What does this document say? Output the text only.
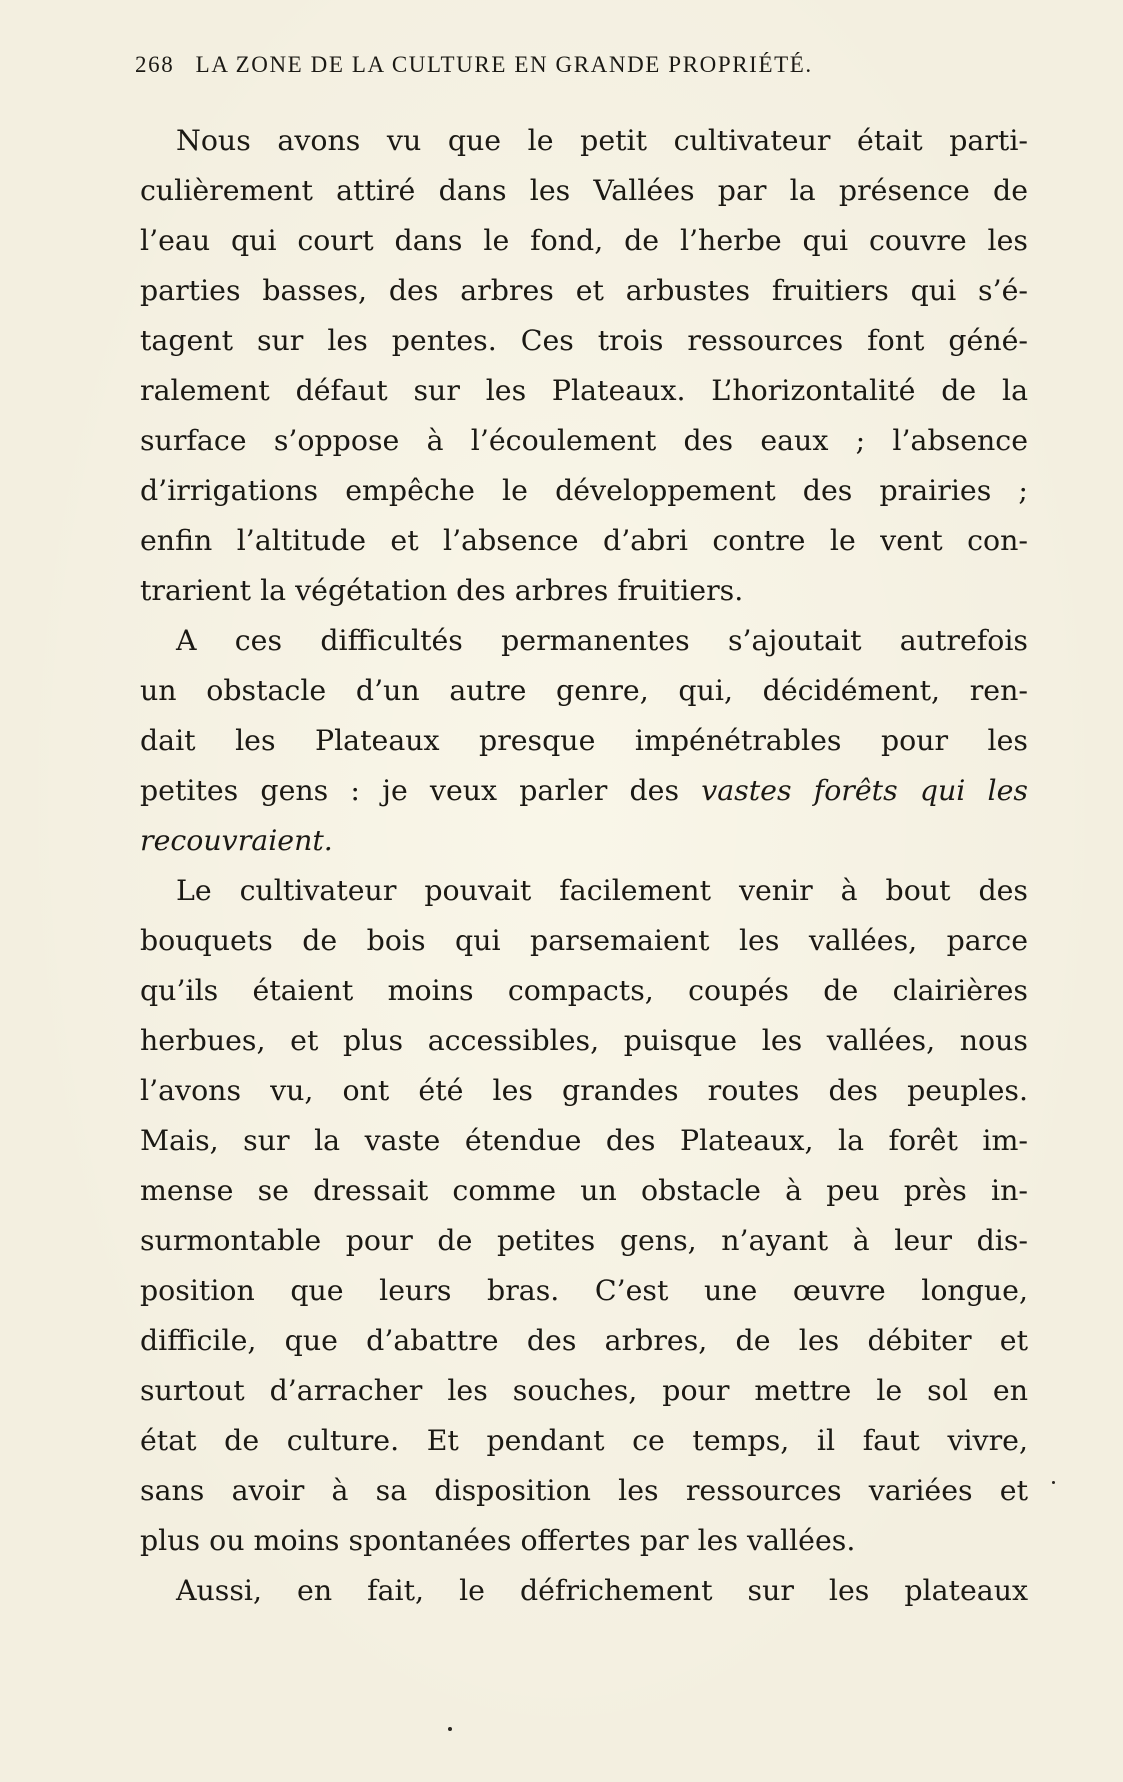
268 LA ZONE DE LA CULTURE EN GRANDE PROPRIÉTÉ.
Nous avons vu que le petit cultivateur était parti-
culièrement attiré dans les Vallées par la présence de
l’eau qui court dans le fond, de l’herbe qui couvre les
parties basses, des arbres et arbustes fruitiers qui s’é-
tagent sur les pentes. Ces trois ressources font géné-
ralement défaut sur les Plateaux. L’horizontalité de la
surface s’oppose à l’écoulement des eaux ; l’absence
d’irrigations empêche le développement des prairies ;
enfin l’altitude et l’absence d’abri contre le vent con-
trarient la végétation des arbres fruitiers.
A ces difficultés permanentes s’ajoutait autrefois
un obstacle d’un autre genre, qui, décidément, ren-
dait les Plateaux presque impénétrables pour les
petites gens : je veux parler des vastes forêts qui les
recouvraient.
Le cultivateur pouvait facilement venir à bout des
bouquets de bois qui parsemaient les vallées, parce
qu’ils étaient moins compacts, coupés de clairières
herbues, et plus accessibles, puisque les vallées, nous
l’avons vu, ont été les grandes routes des peuples.
Mais, sur la vaste étendue des Plateaux, la forêt im-
mense se dressait comme un obstacle à peu près in-
surmontable pour de petites gens, n’ayant à leur dis-
position que leurs bras. C’est une œuvre longue,
difficile, que d’abattre des arbres, de les débiter et
surtout d’arracher les souches, pour mettre le sol en
état de culture. Et pendant ce temps, il faut vivre,
sans avoir à sa disposition les ressources variées et
plus ou moins spontanées offertes par les vallées.
Aussi, en fait, le défrichement sur les plateaux
